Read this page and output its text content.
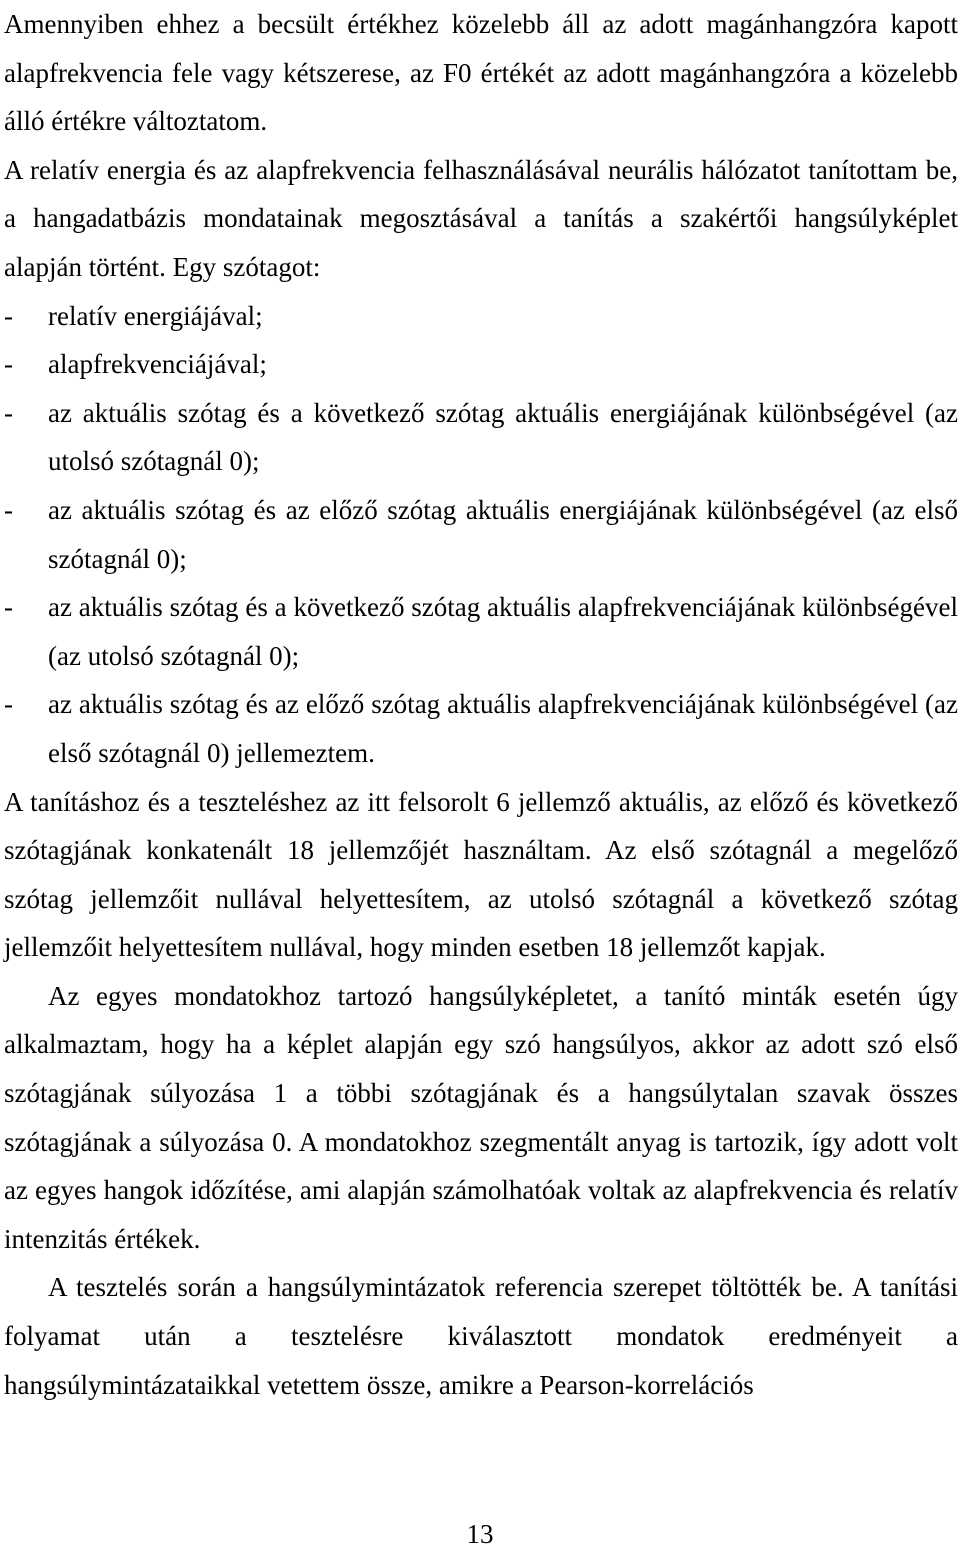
Amennyiben ehhez a becsült értékhez közelebb áll az adott magánhangzóra kapott alapfrekvencia fele vagy kétszerese, az F0 értékét az adott magánhangzóra a közelebb álló értékre változtatom.

A relatív energia és az alapfrekvencia felhasználásával neurális hálózatot tanítottam be, a hangadatbázis mondatainak megosztásával a tanítás a szakértői hangsúlyképlet alapján történt. Egy szótagot:

- relatív energiájával;
- alapfrekvenciájával;
- az aktuális szótag és a következő szótag aktuális energiájának különbségével (az utolsó szótagnál 0);
- az aktuális szótag és az előző szótag aktuális energiájának különbségével (az első szótagnál 0);
- az aktuális szótag és a következő szótag aktuális alapfrekvenciájának különbségével (az utolsó szótagnál 0);
- az aktuális szótag és az előző szótag aktuális alapfrekvenciájának különbségével (az első szótagnál 0) jellemeztem.

A tanításhoz és a teszteléshez az itt felsorolt 6 jellemző aktuális, az előző és következő szótagjának konkatenált 18 jellemzőjét használtam. Az első szótagnál a megelőző szótag jellemzőit nullával helyettesítem, az utolsó szótagnál a következő szótag jellemzőit helyettesítem nullával, hogy minden esetben 18 jellemzőt kapjak.

Az egyes mondatokhoz tartozó hangsúlyképletet, a tanító minták esetén úgy alkalmaztam, hogy ha a képlet alapján egy szó hangsúlyos, akkor az adott szó első szótagjának súlyozása 1 a többi szótagjának és a hangsúlytalan szavak összes szótagjának a súlyozása 0. A mondatokhoz szegmentált anyag is tartozik, így adott volt az egyes hangok időzítése, ami alapján számolhatóak voltak az alapfrekvencia és relatív intenzitás értékek.

A tesztelés során a hangsúlymintázatok referencia szerepet töltötték be. A tanítási folyamat után a tesztelésre kiválasztott mondatok eredményeit a hangsúlymintázataikkal vetettem össze, amikre a Pearson-korrelációs

13
